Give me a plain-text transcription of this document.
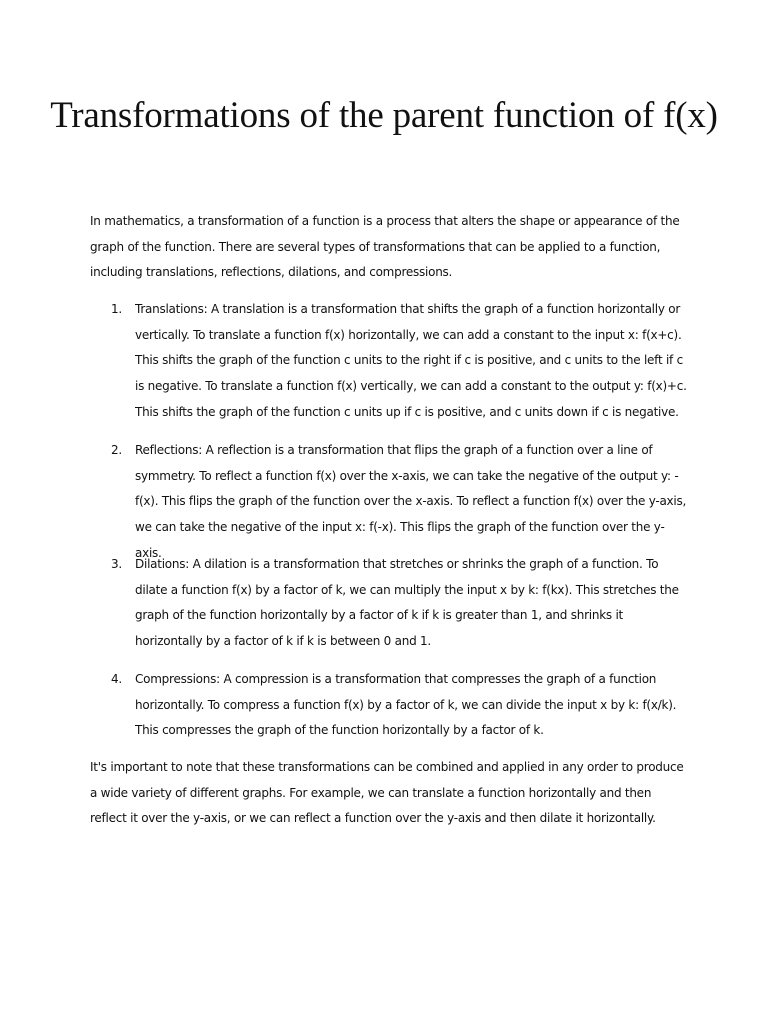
Transformations of the parent function of f(x)

In mathematics, a transformation of a function is a process that alters the shape or appearance of the graph of the function. There are several types of transformations that can be applied to a function, including translations, reflections, dilations, and compressions.

1.	Translations: A translation is a transformation that shifts the graph of a function horizontally or vertically. To translate a function f(x) horizontally, we can add a constant to the input x: f(x+c). This shifts the graph of the function c units to the right if c is positive, and c units to the left if c is negative. To translate a function f(x) vertically, we can add a constant to the output y: f(x)+c. This shifts the graph of the function c units up if c is positive, and c units down if c is negative.
2.	Reflections: A reflection is a transformation that flips the graph of a function over a line of symmetry. To reflect a function f(x) over the x-axis, we can take the negative of the output y: -f(x). This flips the graph of the function over the x-axis. To reflect a function f(x) over the y-axis, we can take the negative of the input x: f(-x). This flips the graph of the function over the y-axis.
3.	Dilations: A dilation is a transformation that stretches or shrinks the graph of a function. To dilate a function f(x) by a factor of k, we can multiply the input x by k: f(kx). This stretches the graph of the function horizontally by a factor of k if k is greater than 1, and shrinks it horizontally by a factor of k if k is between 0 and 1.
4.	Compressions: A compression is a transformation that compresses the graph of a function horizontally. To compress a function f(x) by a factor of k, we can divide the input x by k: f(x/k). This compresses the graph of the function horizontally by a factor of k.

It's important to note that these transformations can be combined and applied in any order to produce a wide variety of different graphs. For example, we can translate a function horizontally and then reflect it over the y-axis, or we can reflect a function over the y-axis and then dilate it horizontally.
